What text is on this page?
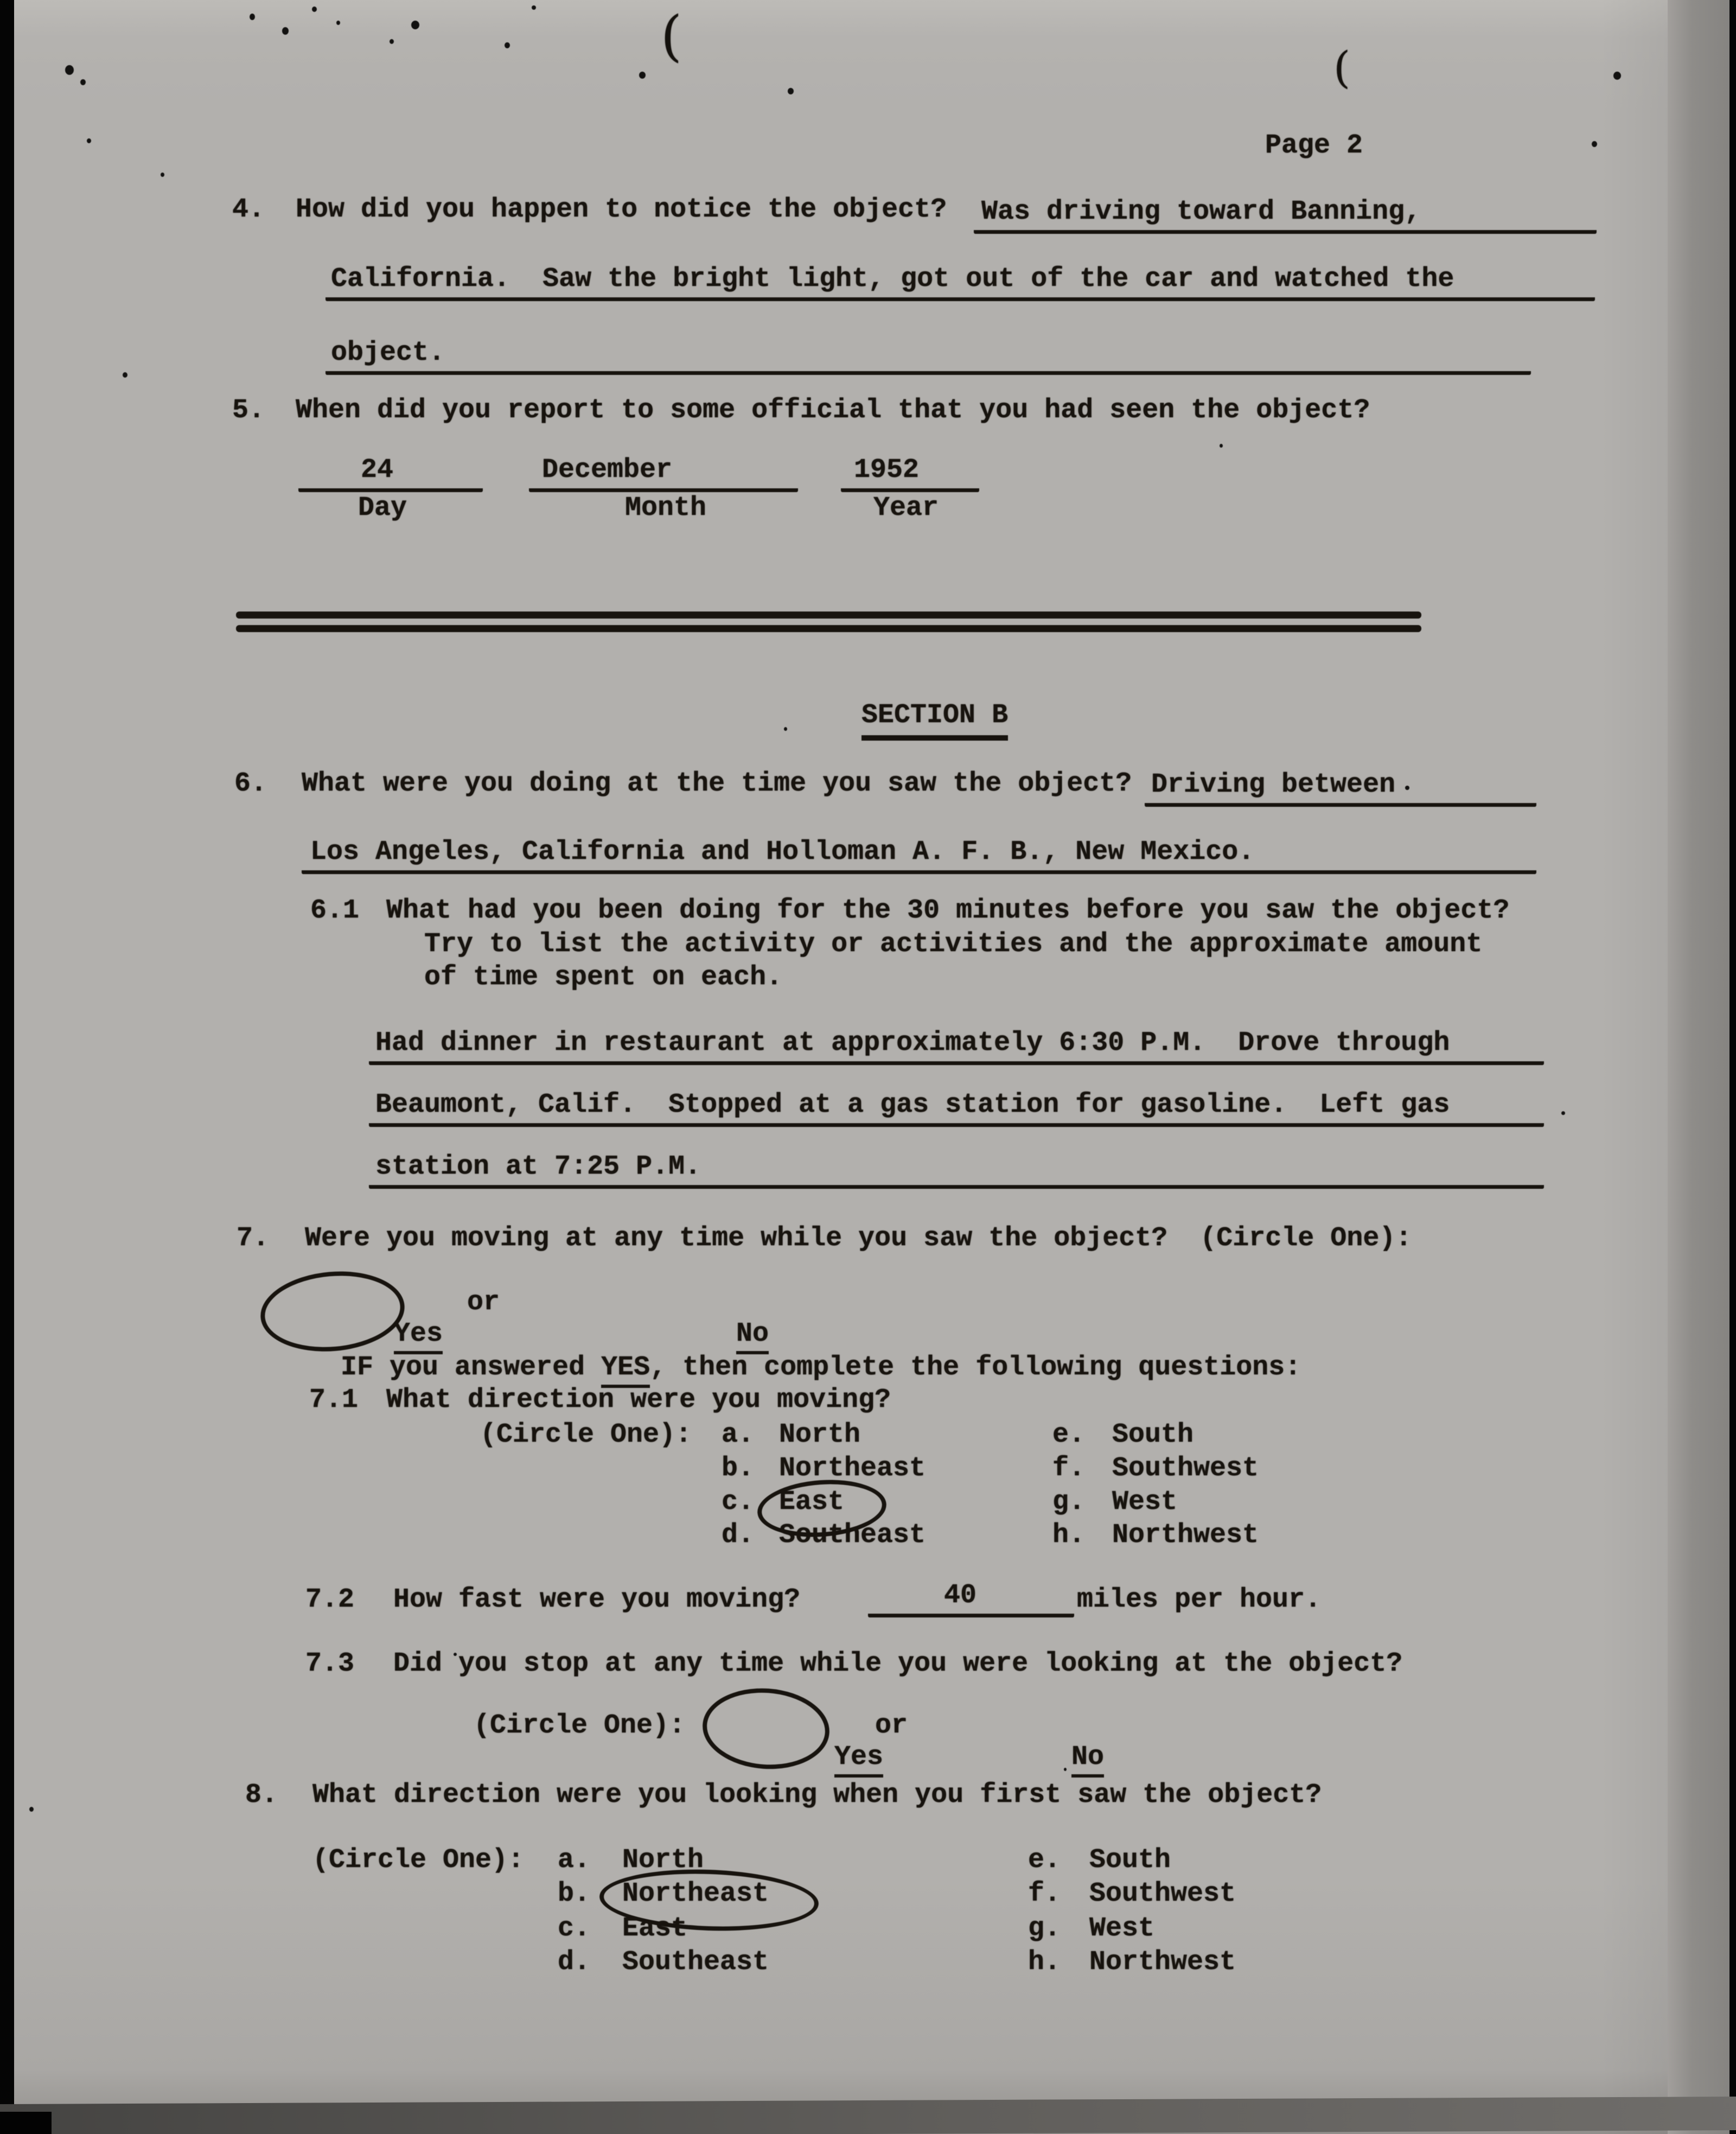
(	(
Page 2
4. How did you happen to notice the object? Was driving toward Banning,
California.  Saw the bright light, got out of the car and watched the
object.
5. When did you report to some official that you had seen the object?
24
Day
December
Month
1952
Year

SECTION B

6. What were you doing at the time you saw the object? Driving between
Los Angeles, California and Holloman A. F. B., New Mexico.
6.1 What had you been doing for the 30 minutes before you saw the object?
Try to list the activity or activities and the approximate amount
of time spent on each.
Had dinner in restaurant at approximately 6:30 P.M.  Drove through
Beaumont, Calif.  Stopped at a gas station for gasoline.  Left gas
station at 7:25 P.M.
7. Were you moving at any time while you saw the object?  (Circle One):

Yes

or

No

IF you answered YES, then complete the following questions:
7.1 What direction were you moving?
(Circle One): a. North	e. South
b. Northeast	f. Southwest
c. East	g. West
d. Southeast	h. Northwest
7.2 How fast were you moving?	40	miles per hour.
7.3 Did you stop at any time while you were looking at the object?
(Circle One):

Yes

or

No

8. What direction were you looking when you first saw the object?
(Circle One): a. North	e. South
b. Northeast	f. Southwest
c. East	g. West
d. Southeast	h. Northwest
